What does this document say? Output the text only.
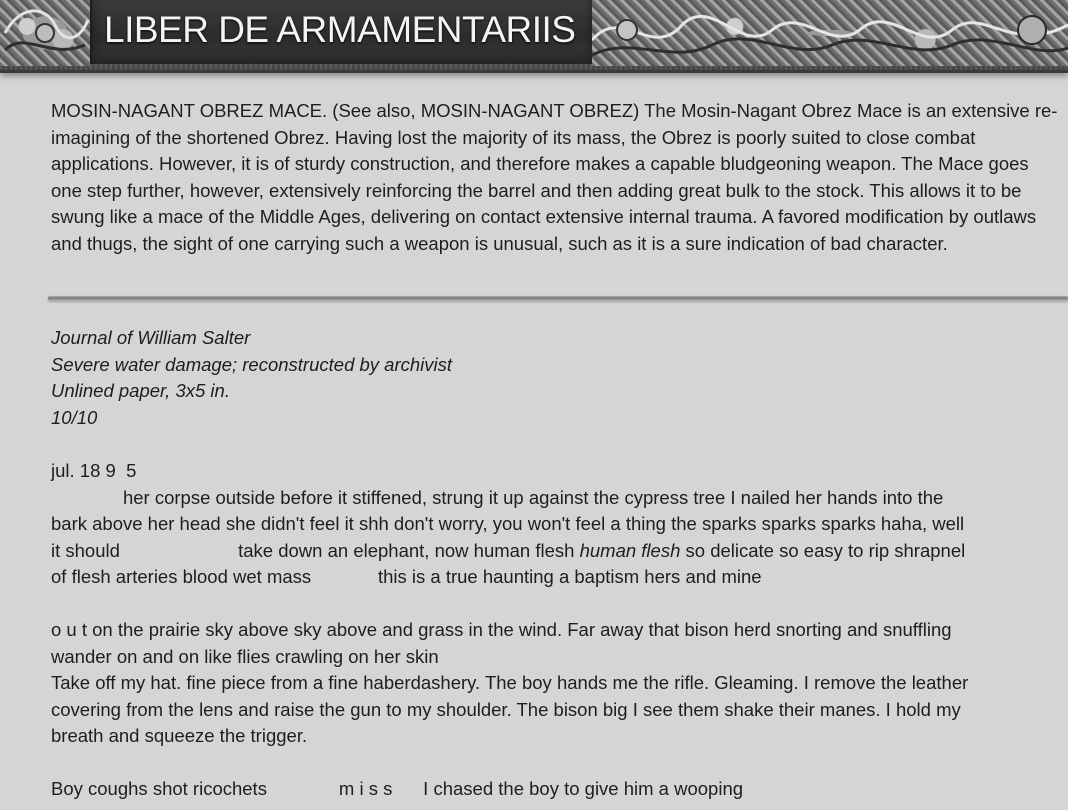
LIBER DE ARMAMENTARIIS

MOSIN-NAGANT OBREZ MACE. (See also, MOSIN-NAGANT OBREZ) The Mosin-Nagant Obrez Mace is an extensive re-imagining of the shortened Obrez. Having lost the majority of its mass, the Obrez is poorly suited to close combat applications. However, it is of sturdy construction, and therefore makes a capable bludgeoning weapon. The Mace goes one step further, however, extensively reinforcing the barrel and then adding great bulk to the stock. This allows it to be swung like a mace of the Middle Ages, delivering on contact extensive internal trauma. A favored modification by outlaws and thugs, the sight of one carrying such a weapon is unusual, such as it is a sure indication of bad character.

Journal of William Salter
Severe water damage; reconstructed by archivist
Unlined paper, 3x5 in.
10/10
jul. 18 9  5
her corpse outside before it stiffened, strung it up against the cypress tree I nailed her hands into the
bark above her head she didn't feel it shh don't worry, you won't feel a thing the sparks sparks sparks haha, well
it should                       take down an elephant, now human flesh human flesh so delicate so easy to rip shrapnel
of flesh arteries blood wet mass             this is a true haunting a baptism hers and mine
o u t on the prairie sky above sky above and grass in the wind. Far away that bison herd snorting and snuffling
wander on and on like flies crawling on her skin
Take off my hat. fine piece from a fine haberdashery. The boy hands me the rifle. Gleaming. I remove the leather
covering from the lens and raise the gun to my shoulder. The bison big I see them shake their manes. I hold my
breath and squeeze the trigger.
Boy coughs shot ricochets              m i s s      I chased the boy to give him a wooping
